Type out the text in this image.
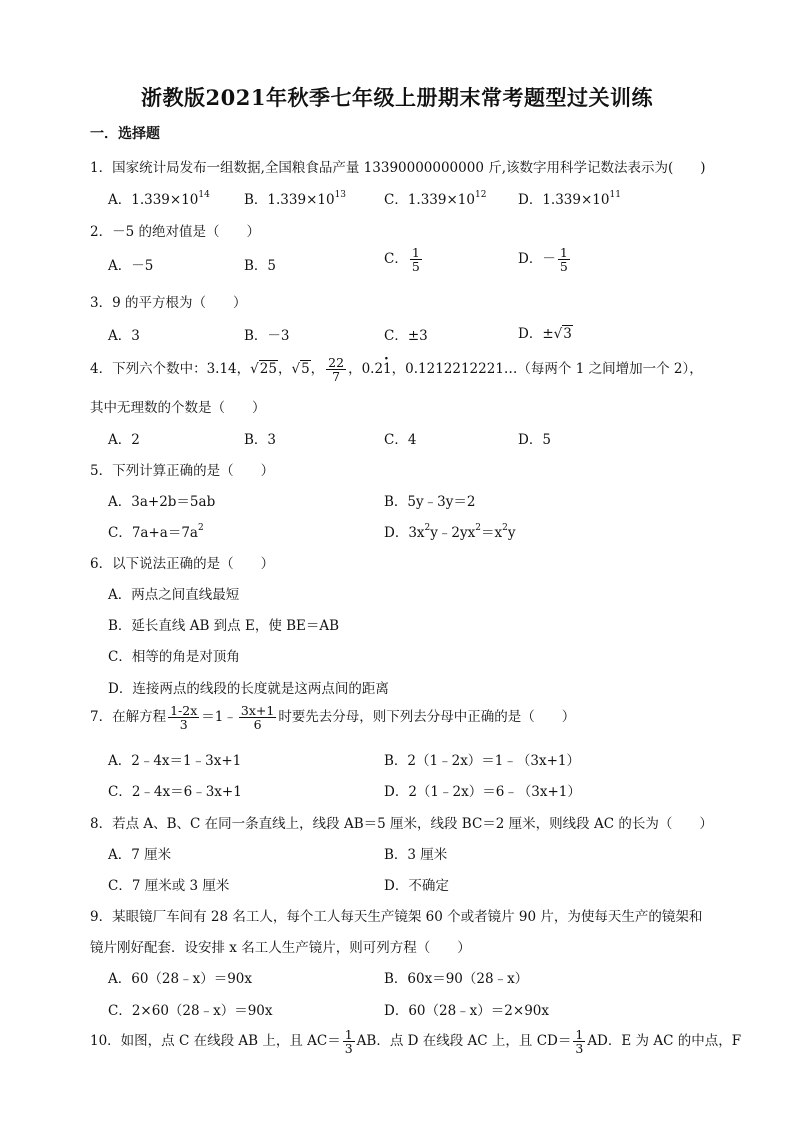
浙教版2021年秋季七年级上册期末常考题型过关训练
一．选择题
1．国家统计局发布一组数据,全国粮食品产量 13390000000000 斤,该数字用科学记数法表示为(　　)
A．$1.339\times 10^{14}$	B．$1.339\times 10^{13}$	C．$1.339\times 10^{12}$ D．$1.339\times 10^{11}$
2．－5 的绝对值是（　　）
A．－5	B．5	C． $\frac{1}{5}$	D．－ $\frac{1}{5}$
3．9 的平方根为（　　）
A．3	B．－3	C．±3	D．±√3
4．下列六个数中：3.14，√25，√5， $\frac{22}{7}$ ，0.2· 1，0.1212212221…（每两个 1 之间增加一个 2），
其中无理数的个数是（　　）
A．2	B．3	C．4	D．5
5．下列计算正确的是（　　）
A．3a+2b＝5ab	B．5y﹣3y＝2
C．$7a+a=7a^2$	D．$3x^2y﹣2yx^2=x^2y$
6．以下说法正确的是（　　）
A．两点之间直线最短
B．延长直线 AB 到点 E，使 BE＝AB
C．相等的角是对顶角
D．连接两点的线段的长度就是这两点间的距离
7．在解方程 $\frac{1-2x}{3}$ ＝1﹣ $\frac{3x+1}{6}$ 时要先去分母，则下列去分母中正确的是（　　）
A．2﹣4x＝1﹣3x+1	B．2（1﹣2x）＝1﹣（3x+1）
C．2﹣4x＝6﹣3x+1	D．2（1﹣2x）＝6﹣（3x+1）
8．若点 A、B、C 在同一条直线上，线段 AB＝5 厘米，线段 BC＝2 厘米，则线段 AC 的长为（　　）
A．7 厘米	B．3 厘米
C．7 厘米或 3 厘米	D．不确定
9．某眼镜厂车间有 28 名工人，每个工人每天生产镜架 60 个或者镜片 90 片，为使每天生产的镜架和
镜片刚好配套．设安排 x 名工人生产镜片，则可列方程（　　）
A．60（28﹣x）＝90x	B．60x＝90（28﹣x）
C．2×60（28﹣x）＝90x	D．60（28﹣x）＝2×90x
10．如图，点 C 在线段 AB 上，且 $AC= \frac{1}{3}$ AB．点 D 在线段 AC 上，且 $CD= \frac{1}{3}$ AD．E 为 AC 的中点，F
